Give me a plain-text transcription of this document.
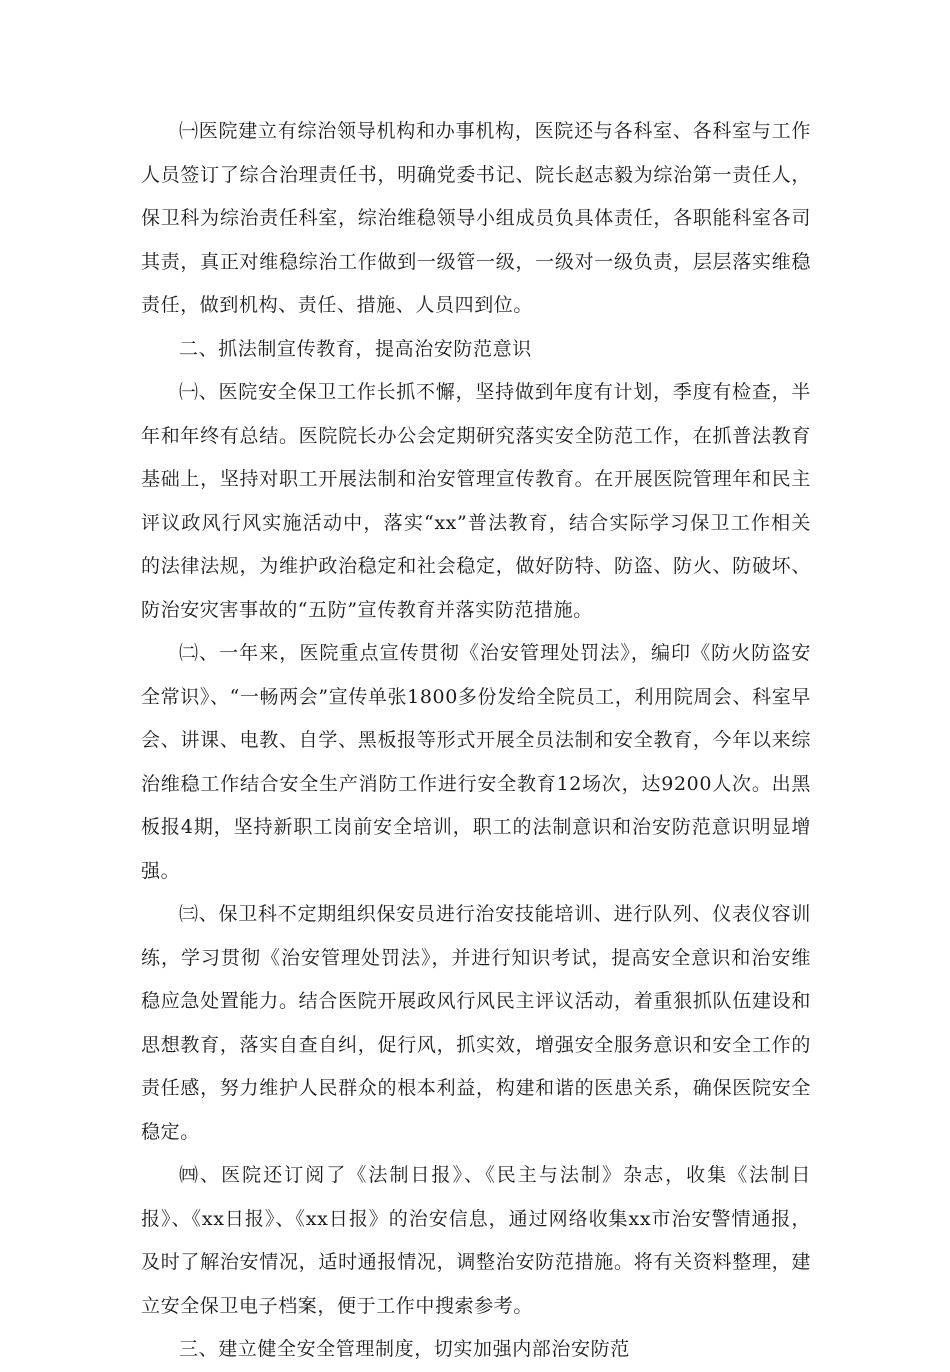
㈠医院建立有综治领导机构和办事机构，医院还与各科室、各科室与工作人员签订了综合治理责任书，明确党委书记、院长赵志毅为综治第一责任人，保卫科为综治责任科室，综治维稳领导小组成员负具体责任，各职能科室各司其责，真正对维稳综治工作做到一级管一级，一级对一级负责，层层落实维稳责任，做到机构、责任、措施、人员四到位。

二、抓法制宣传教育，提高治安防范意识

㈠、医院安全保卫工作长抓不懈，坚持做到年度有计划，季度有检查，半年和年终有总结。医院院长办公会定期研究落实安全防范工作，在抓普法教育基础上，坚持对职工开展法制和治安管理宣传教育。在开展医院管理年和民主评议政风行风实施活动中，落实“xx”普法教育，结合实际学习保卫工作相关的法律法规，为维护政治稳定和社会稳定，做好防特、防盗、防火、防破坏、防治安灾害事故的“五防”宣传教育并落实防范措施。

㈡、一年来，医院重点宣传贯彻《治安管理处罚法》，编印《防火防盗安全常识》、“一畅两会”宣传单张1800多份发给全院员工，利用院周会、科室早会、讲课、电教、自学、黑板报等形式开展全员法制和安全教育，今年以来综治维稳工作结合安全生产消防工作进行安全教育12场次，达9200人次。出黑板报4期，坚持新职工岗前安全培训，职工的法制意识和治安防范意识明显增强。

㈢、保卫科不定期组织保安员进行治安技能培训、进行队列、仪表仪容训练，学习贯彻《治安管理处罚法》，并进行知识考试，提高安全意识和治安维稳应急处置能力。结合医院开展政风行风民主评议活动，着重狠抓队伍建设和思想教育，落实自查自纠，促行风，抓实效，增强安全服务意识和安全工作的责任感，努力维护人民群众的根本利益，构建和谐的医患关系，确保医院安全稳定。

㈣、医院还订阅了《法制日报》、《民主与法制》杂志，收集《法制日报》、《xx日报》、《xx日报》的治安信息，通过网络收集xx市治安警情通报，及时了解治安情况，适时通报情况，调整治安防范措施。将有关资料整理，建立安全保卫电子档案，便于工作中搜索参考。

三、建立健全安全管理制度，切实加强内部治安防范
